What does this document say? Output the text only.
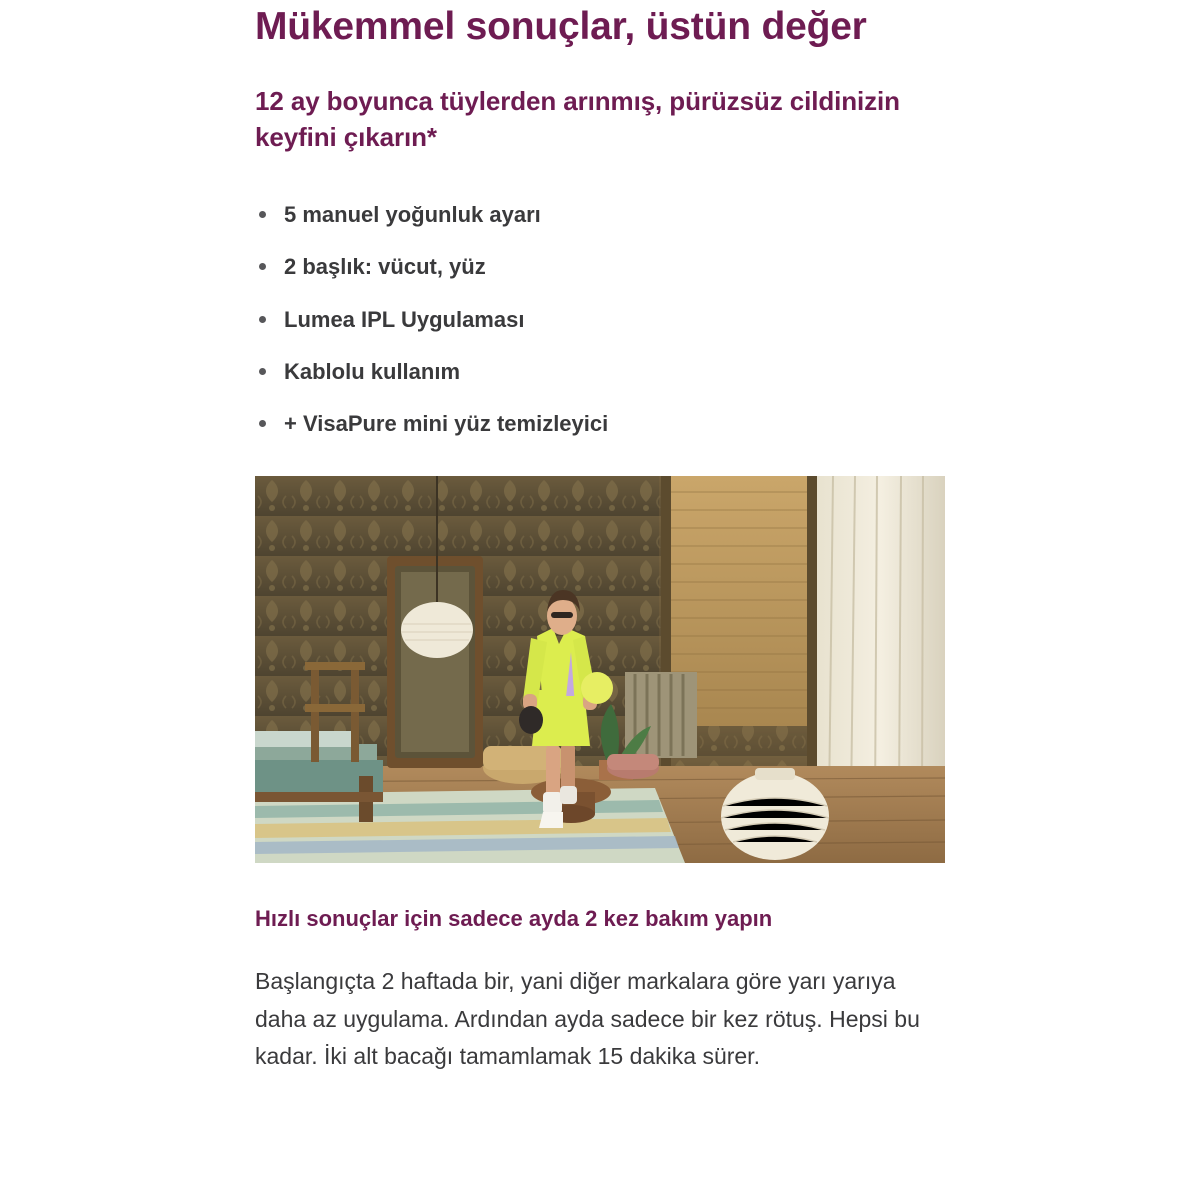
Mükemmel sonuçlar, üstün değer
12 ay boyunca tüylerden arınmış, pürüzsüz cildinizin keyfini çıkarın*
5 manuel yoğunluk ayarı
2 başlık: vücut, yüz
Lumea IPL Uygulaması
Kablolu kullanım
+ VisaPure mini yüz temizleyici
Hızlı sonuçlar için sadece ayda 2 kez bakım yapın

Başlangıçta 2 haftada bir, yani diğer markalara göre yarı yarıya daha az uygulama. Ardından ayda sadece bir kez rötuş. Hepsi bu kadar. İki alt bacağı tamamlamak 15 dakika sürer.
